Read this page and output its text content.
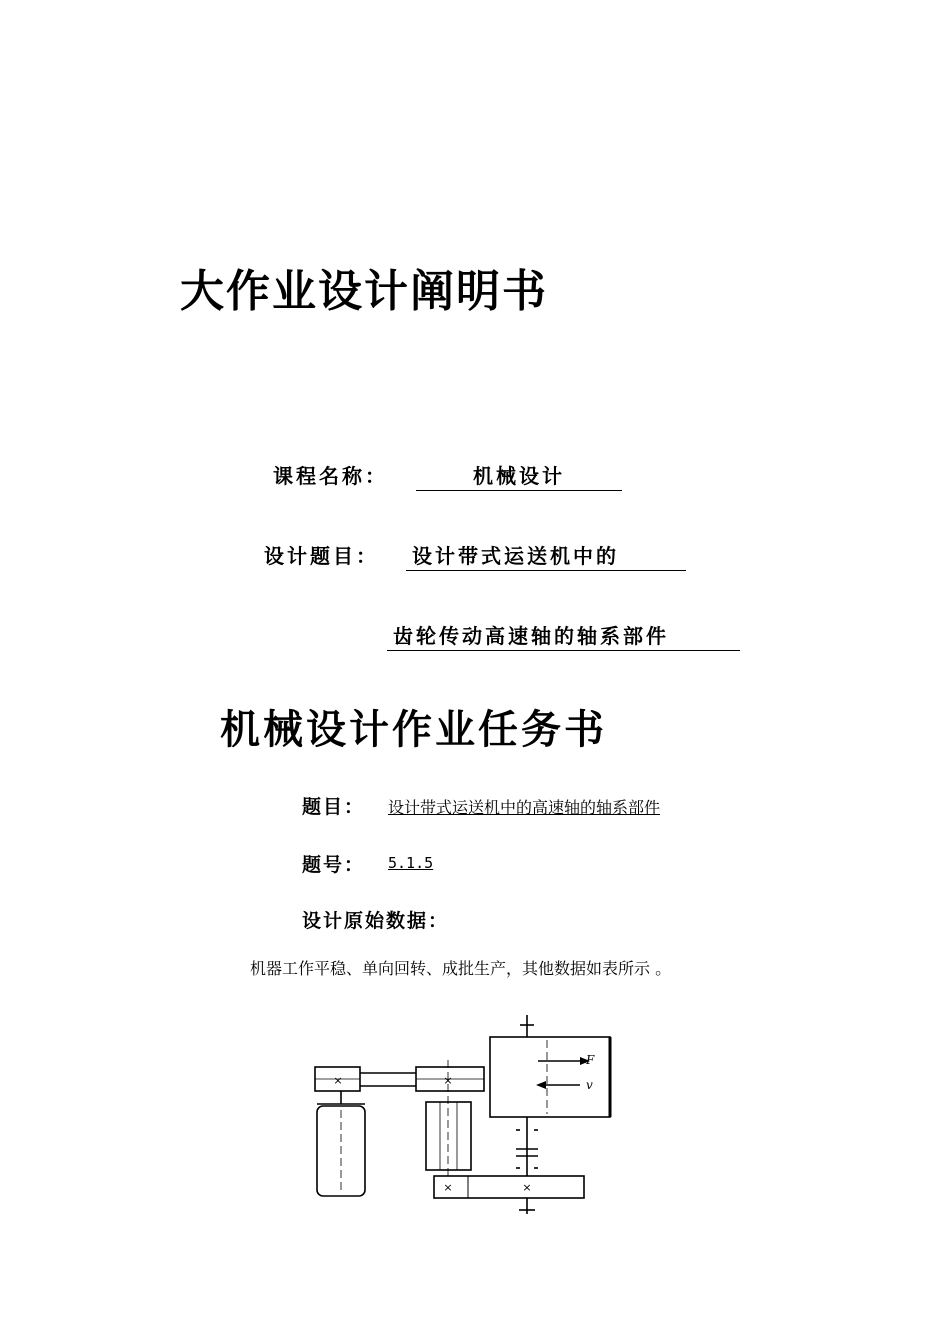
大作业设计阐明书
课程名称：	机械设计
设计题目：	设计带式运送机中的
齿轮传动高速轴的轴系部件
机械设计作业任务书
题目： 设计带式运送机中的高速轴的轴系部件
题号： 5.1.5
设计原始数据：
机器工作平稳、单向回转、成批生产，其他数据如表所示 。
×	×
×	×
F
v
